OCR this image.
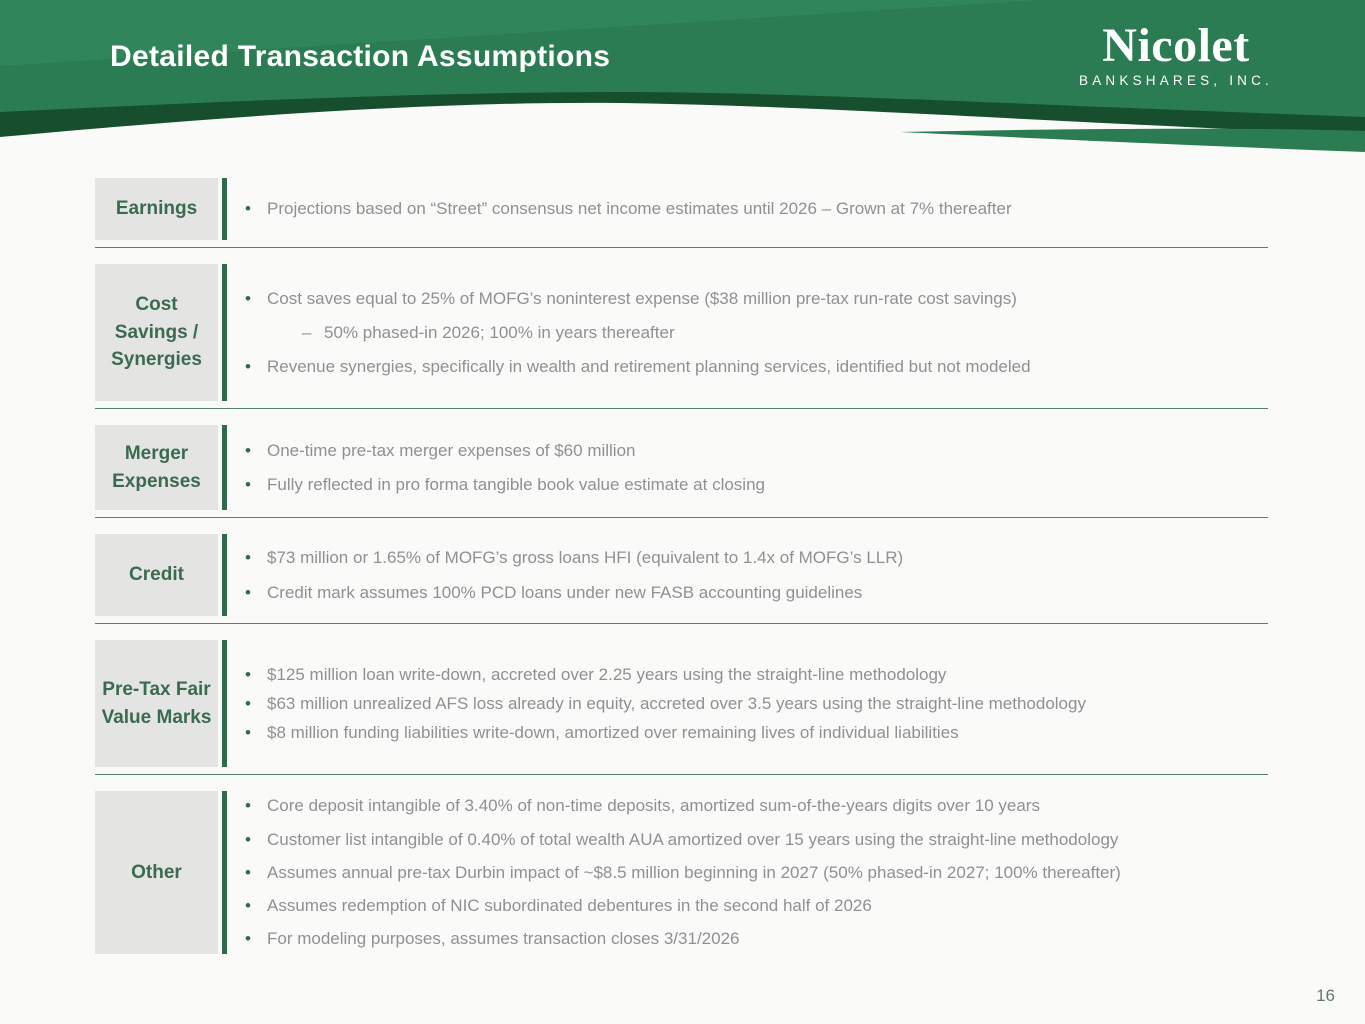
Detailed Transaction Assumptions	Nicolet
BANKSHARES, INC.
Earnings	• Projections based on “Street” consensus net income estimates until 2026 – Grown at 7% thereafter
Cost Savings / Synergies
• Cost saves equal to 25% of MOFG’s noninterest expense ($38 million pre-tax run-rate cost savings)
– 50% phased-in 2026; 100% in years thereafter
• Revenue synergies, specifically in wealth and retirement planning services, identified but not modeled
Merger Expenses
• One-time pre-tax merger expenses of $60 million
• Fully reflected in pro forma tangible book value estimate at closing
Credit
• $73 million or 1.65% of MOFG’s gross loans HFI (equivalent to 1.4x of MOFG’s LLR)
• Credit mark assumes 100% PCD loans under new FASB accounting guidelines
Pre-Tax Fair Value Marks
• $125 million loan write-down, accreted over 2.25 years using the straight-line methodology
• $63 million unrealized AFS loss already in equity, accreted over 3.5 years using the straight-line methodology
• $8 million funding liabilities write-down, amortized over remaining lives of individual liabilities
Other
• Core deposit intangible of 3.40% of non-time deposits, amortized sum-of-the-years digits over 10 years
• Customer list intangible of 0.40% of total wealth AUA amortized over 15 years using the straight-line methodology
• Assumes annual pre-tax Durbin impact of ~$8.5 million beginning in 2027 (50% phased-in 2027; 100% thereafter)
• Assumes redemption of NIC subordinated debentures in the second half of 2026
• For modeling purposes, assumes transaction closes 3/31/2026
16
